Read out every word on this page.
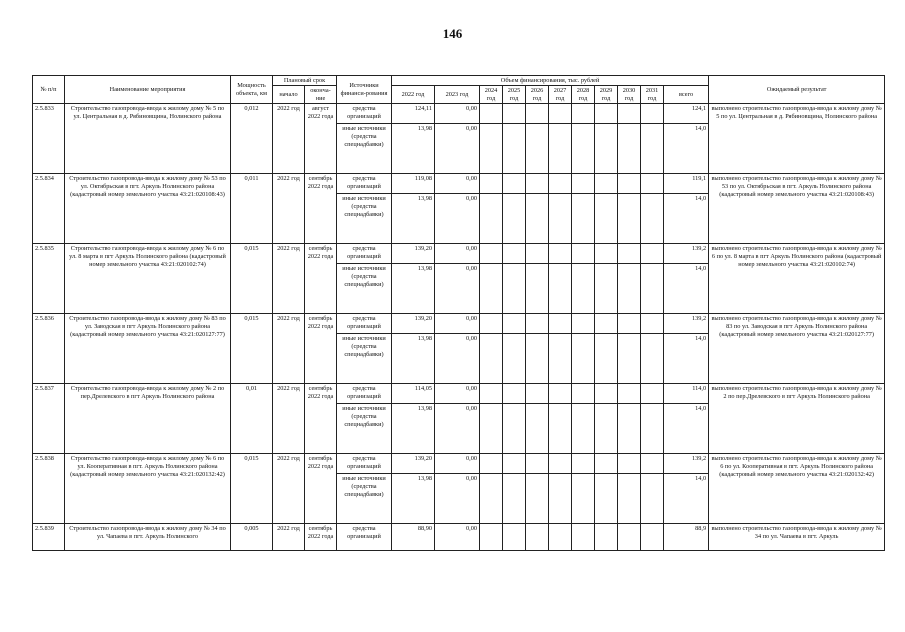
146
№ п/п	Наименование мероприятия	Мощность объекта, км	Плановый срок		Источники финанси-рования	Объем финансирования, тыс. рублей											Ожидаемый результат
			начало	оконча-ние		2022 год	2023 год	2024 год	2025 год	2026 год	2027 год	2028 год	2029 год	2030 год	2031 год	всего	

2.5.833	Строительство газопровода-ввода к жилому дому № 5 по ул. Центральная в д. Рябиновщина, Нолинского района	0,012	2022 год	август 2022 года	средства организаций	124,11	0,00									124,1	выполнено строительство газопровода-ввода к жилому дому № 5 по ул. Центральная в д. Рябиновщина, Нолинского района
					иные источники (средства спецнадбавки)	13,98	0,00									14,0	
2.5.834	Строительство газопровода-ввода к жилому дому № 53 по ул. Октябрьская в пгт. Аркуль Нолинского района (кадастровый номер земельного участка 43:21:020108:43)	0,011	2022 год	сентябрь 2022 года	средства организаций	119,08	0,00									119,1	выполнено строительство газопровода-ввода к жилому дому № 53 по ул. Октябрьская в пгт. Аркуль Нолинского района (кадастровый номер земельного участка 43:21:020108:43)
					иные источники (средства спецнадбавки)	13,98	0,00									14,0	
2.5.835	Строительство газопровода-ввода к жилому дому № 6 по ул. 8 марта в пгт Аркуль Нолинского района (кадастровый номер земельного участка 43:21:020102:74)	0,015	2022 год	сентябрь 2022 года	средства организаций	139,20	0,00									139,2	выполнено строительство газопровода-ввода к жилому дому № 6 по ул. 8 марта в пгт Аркуль Нолинского района (кадастровый номер земельного участка 43:21:020102:74)
					иные источники (средства спецнадбавки)	13,98	0,00									14,0	
2.5.836	Строительство газопровода-ввода к жилому дому № 83 по ул. Заводская в пгт Аркуль Нолинского района (кадастровый номер земельного участка 43:21:020127:77)	0,015	2022 год	сентябрь 2022 года	средства организаций	139,20	0,00									139,2	выполнено строительство газопровода-ввода к жилому дому № 83 по ул. Заводская в пгт Аркуль Нолинского района (кадастровый номер земельного участка 43:21:020127:77)
					иные источники (средства спецнадбавки)	13,98	0,00									14,0	
2.5.837	Строительство газопровода-ввода к жилому дому № 2 по пер.Дрелевского в пгт Аркуль Нолинского района	0,01	2022 год	сентябрь 2022 года	средства организаций	114,05	0,00									114,0	выполнено строительство газопровода-ввода к жилому дому № 2 по пер.Дрелевского в пгт Аркуль Нолинского района
					иные источники (средства спецнадбавки)	13,98	0,00									14,0	
2.5.838	Строительство газопровода-ввода к жилому дому № 6 по ул. Кооперативная в пгт. Аркуль Нолинского района (кадастровый номер земельного участка 43:21:020132:42)	0,015	2022 год	сентябрь 2022 года	средства организаций	139,20	0,00									139,2	выполнено строительство газопровода-ввода к жилому дому № 6 по ул. Кооперативная в пгт. Аркуль Нолинского района (кадастровый номер земельного участка 43:21:020132:42)
					иные источники (средства спецнадбавки)	13,98	0,00									14,0	
2.5.839	Строительство газопровода-ввода к жилому дому № 34 по ул. Чапаева в пгт. Аркуль Нолинского	0,005	2022 год	сентябрь 2022 года	средства организаций	88,90	0,00									88,9	выполнено строительство газопровода-ввода к жилому дому № 34 по ул. Чапаева в пгт. Аркуль
